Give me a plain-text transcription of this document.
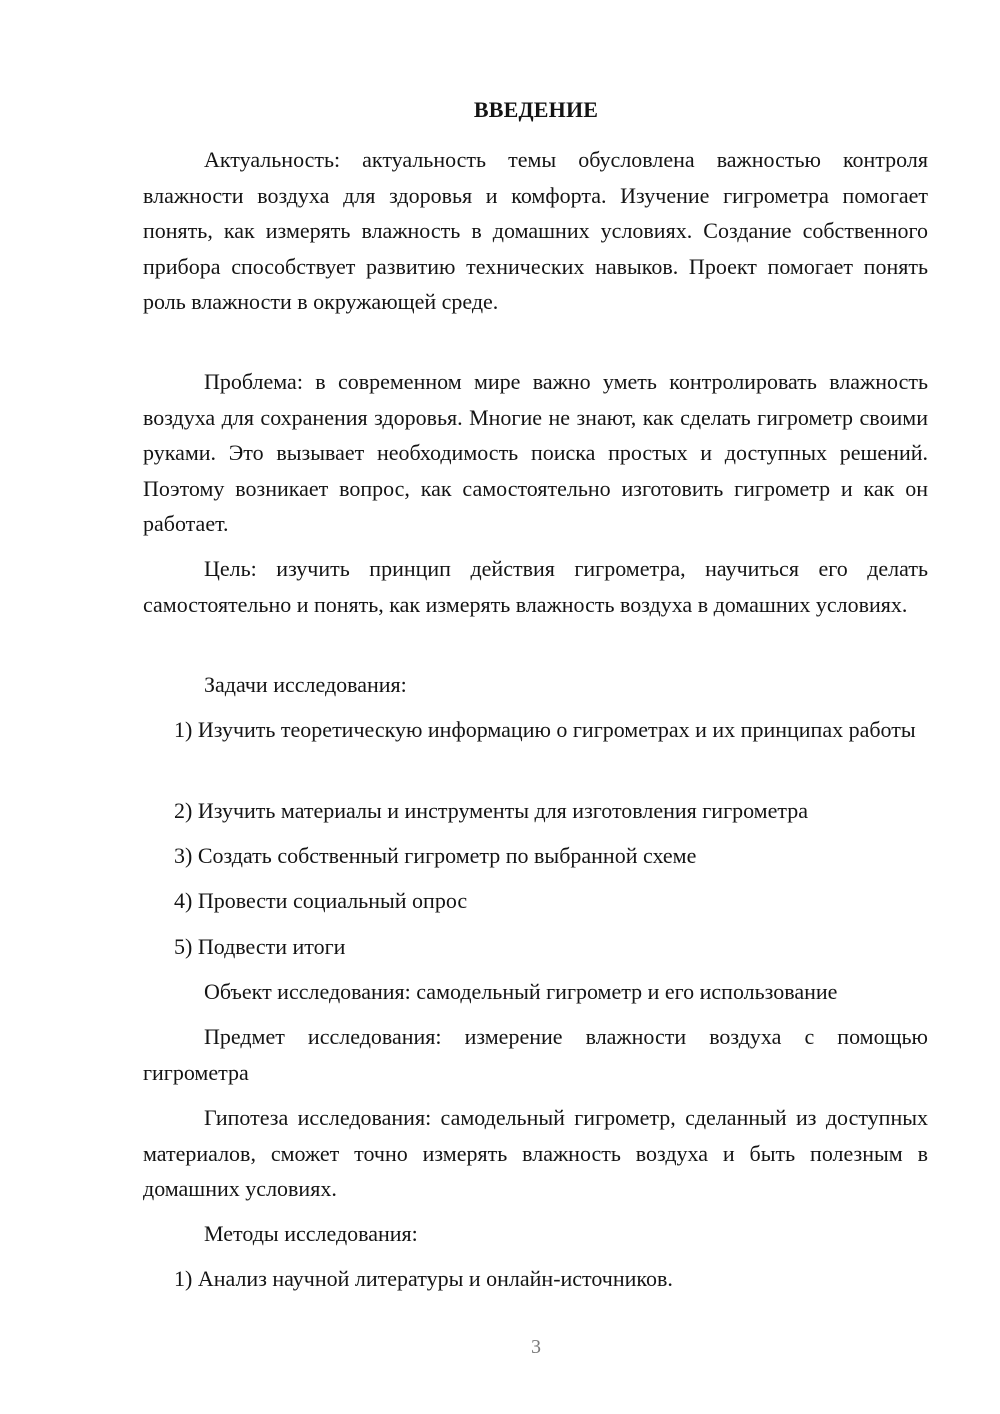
ВВЕДЕНИЕ

Актуальность: актуальность темы обусловлена важностью контроля влажности воздуха для здоровья и комфорта. Изучение гигрометра помогает понять, как измерять влажность в домашних условиях. Создание собственного прибора способствует развитию технических навыков. Проект помогает понять роль влажности в окружающей среде.

Проблема: в современном мире важно уметь контролировать влажность воздуха для сохранения здоровья. Многие не знают, как сделать гигрометр своими руками. Это вызывает необходимость поиска простых и доступных решений. Поэтому возникает вопрос, как самостоятельно изготовить гигрометр и как он работает.

Цель: изучить принцип действия гигрометра, научиться его делать самостоятельно и понять, как измерять влажность воздуха в домашних условиях.

Задачи исследования:

1) Изучить теоретическую информацию о гигрометрах и их принципах работы

2) Изучить материалы и инструменты для изготовления гигрометра

3) Создать собственный гигрометр по выбранной схеме

4) Провести социальный опрос

5) Подвести итоги

Объект исследования: самодельный гигрометр и его использование

Предмет исследования: измерение влажности воздуха с помощью гигрометра

Гипотеза исследования: самодельный гигрометр, сделанный из доступных материалов, сможет точно измерять влажность воздуха и быть полезным в домашних условиях.

Методы исследования:

1) Анализ научной литературы и онлайн-источников.

3
